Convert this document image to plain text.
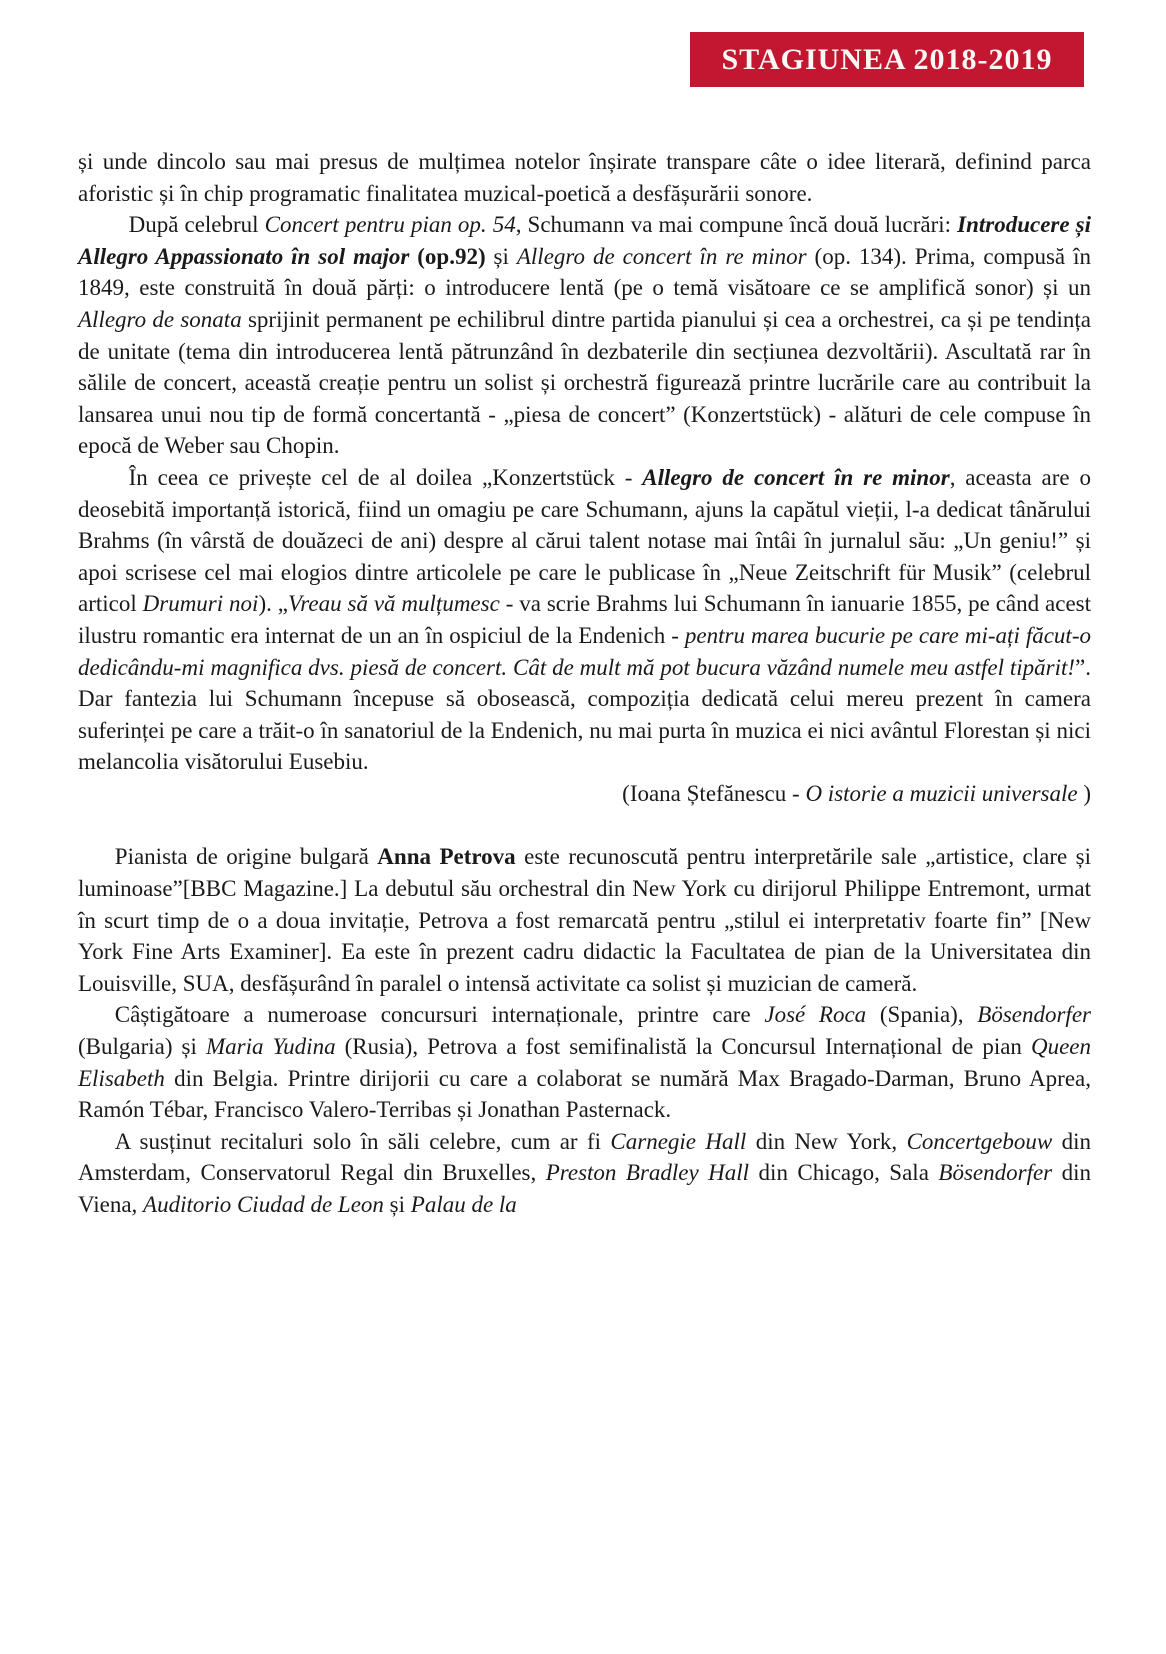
STAGIUNEA 2018-2019

și unde dincolo sau mai presus de mulțimea notelor înșirate transpare câte o idee literară, definind parca aforistic și în chip programatic finalitatea muzical-poetică a desfășurării sonore.

După celebrul Concert pentru pian op. 54, Schumann va mai compune încă două lucrări: Introducere și Allegro Appassionato în sol major (op.92) și Allegro de concert în re minor (op. 134). Prima, compusă în 1849, este construită în două părți: o introducere lentă (pe o temă visătoare ce se amplifică sonor) și un Allegro de sonata sprijinit permanent pe echilibrul dintre partida pianului și cea a orchestrei, ca și pe tendința de unitate (tema din introducerea lentă pătrunzând în dezbaterile din secțiunea dezvoltării). Ascultată rar în sălile de concert, această creație pentru un solist și orchestră figurează printre lucrările care au contribuit la lansarea unui nou tip de formă concertantă - „piesa de concert” (Konzertstück) - alături de cele compuse în epocă de Weber sau Chopin.

În ceea ce privește cel de al doilea „Konzertstück - Allegro de concert în re minor, aceasta are o deosebită importanță istorică, fiind un omagiu pe care Schumann, ajuns la capătul vieții, l-a dedicat tânărului Brahms (în vârstă de douăzeci de ani) despre al cărui talent notase mai întâi în jurnalul său: „Un geniu!” și apoi scrisese cel mai elogios dintre articolele pe care le publicase în „Neue Zeitschrift für Musik” (celebrul articol Drumuri noi). „Vreau să vă mulțumesc - va scrie Brahms lui Schumann în ianuarie 1855, pe când acest ilustru romantic era internat de un an în ospiciul de la Endenich - pentru marea bucurie pe care mi-ați făcut-o dedicându-mi magnifica dvs. piesă de concert. Cât de mult mă pot bucura văzând numele meu astfel tipărit!”. Dar fantezia lui Schumann începuse să obosească, compoziția dedicată celui mereu prezent în camera suferinței pe care a trăit-o în sanatoriul de la Endenich, nu mai purta în muzica ei nici avântul Florestan și nici melancolia visătorului Eusebiu.

(Ioana Ștefănescu - O istorie a muzicii universale )

Pianista de origine bulgară Anna Petrova este recunoscută pentru interpretările sale „artistice, clare și luminoase”[BBC Magazine.] La debutul său orchestral din New York cu dirijorul Philippe Entremont, urmat în scurt timp de o a doua invitație, Petrova a fost remarcată pentru „stilul ei interpretativ foarte fin” [New York Fine Arts Examiner]. Ea este în prezent cadru didactic la Facultatea de pian de la Universitatea din Louisville, SUA, desfășurând în paralel o intensă activitate ca solist și muzician de cameră.

Câștigătoare a numeroase concursuri internaționale, printre care José Roca (Spania), Bösendorfer (Bulgaria) și Maria Yudina (Rusia), Petrova a fost semifinalistă la Concursul Internațional de pian Queen Elisabeth din Belgia. Printre dirijorii cu care a colaborat se numără Max Bragado-Darman, Bruno Aprea, Ramón Tébar, Francisco Valero-Terribas și Jonathan Pasternack.

A susținut recitaluri solo în săli celebre, cum ar fi Carnegie Hall din New York, Concertgebouw din Amsterdam, Conservatorul Regal din Bruxelles, Preston Bradley Hall din Chicago, Sala Bösendorfer din Viena, Auditorio Ciudad de Leon și Palau de la
